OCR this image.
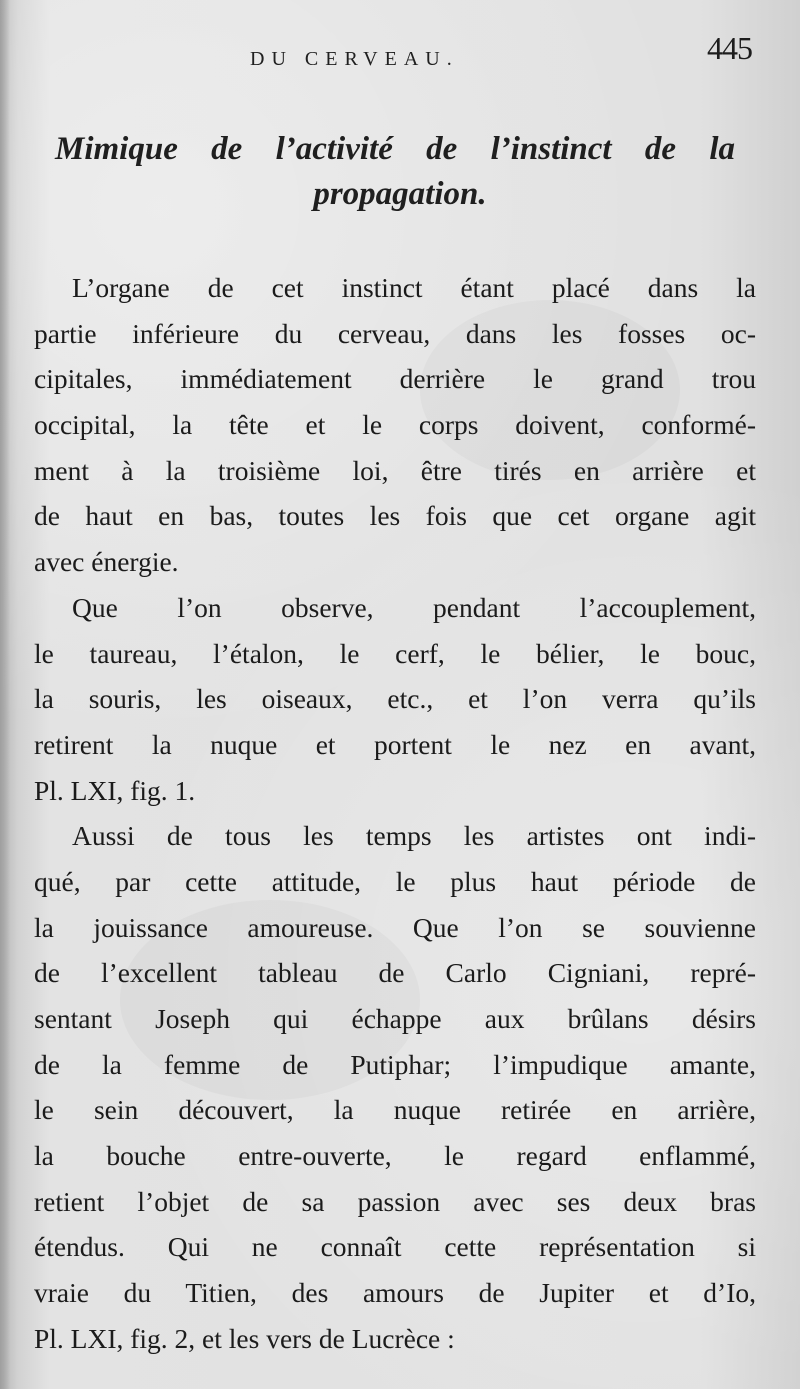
DU CERVEAU.	445
Mimique de l’activité de l’instinct de la
propagation.

L’organe de cet instinct étant placé dans la
partie inférieure du cerveau, dans les fosses oc-
cipitales, immédiatement derrière le grand trou
occipital, la tête et le corps doivent, conformé-
ment à la troisième loi, être tirés en arrière et
de haut en bas, toutes les fois que cet organe agit
avec énergie.

Que l’on observe, pendant l’accouplement,
le taureau, l’étalon, le cerf, le bélier, le bouc,
la souris, les oiseaux, etc., et l’on verra qu’ils
retirent la nuque et portent le nez en avant,
Pl. LXI, fig. 1.

Aussi de tous les temps les artistes ont indi-
qué, par cette attitude, le plus haut période de
la jouissance amoureuse. Que l’on se souvienne
de l’excellent tableau de Carlo Cigniani, repré-
sentant Joseph qui échappe aux brûlans désirs
de la femme de Putiphar; l’impudique amante,
le sein découvert, la nuque retirée en arrière,
la bouche entre-ouverte, le regard enflammé,
retient l’objet de sa passion avec ses deux bras
étendus. Qui ne connaît cette représentation si
vraie du Titien, des amours de Jupiter et d’Io,
Pl. LXI, fig. 2, et les vers de Lucrèce :
